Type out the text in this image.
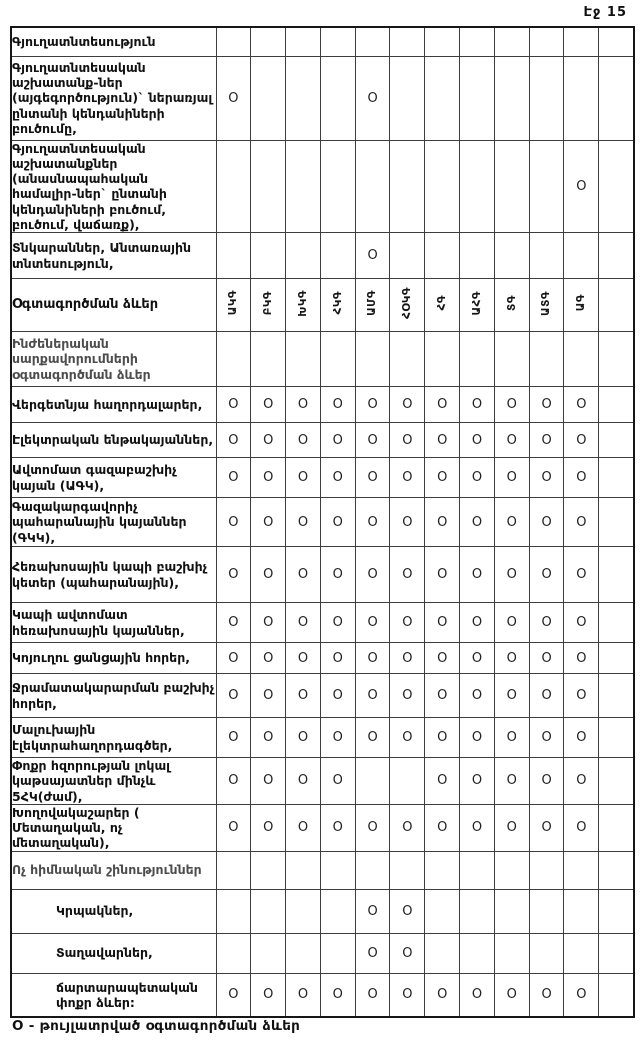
Էջ 15
Գյուղատնտեսություն												
Գյուղատնտեսական աշխատանք-ներ (այգեգործություն)` ներառյալ ընտանի կենդանիների բուծումը,	O				O							
Գյուղատնտեսական աշխատանքներ (անասնապահական համալիր-ներ` ընտանի կենդանիների բուծում, բուծում, վաճառք),											O	
Տնկարաններ, Անտառային տնտեսություն,					O							
Օգտագործման ձևեր	ԱԿԳ	ԲԿԳ	ԽԿԳ	ՀԿԳ	ԱՄԳ	ՀՕԿԳ	ՀԳ	ԱՀԳ	ՏԳ	ԱՏԳ	ԱԳ	
Ինժեներական սարքավորումների օգտագործման ձևեր												
Վերգետնյա հաղորդալարեր,	O	O	O	O	O	O	O	O	O	O	O	
Էլեկտրական ենթակայաններ,	O	O	O	O	O	O	O	O	O	O	O	
Ավտոմատ գազաբաշխիչ կայան (ԱԳԿ),	O	O	O	O	O	O	O	O	O	O	O	
Գազակարգավորիչ պահարանային կայաններ (ԳԿԿ),	O	O	O	O	O	O	O	O	O	O	O	
Հեռախոսային կապի բաշխիչ կետեր (պահարանային),	O	O	O	O	O	O	O	O	O	O	O	
Կապի ավտոմատ հեռախոսային կայաններ,	O	O	O	O	O	O	O	O	O	O	O	
Կոյուղու ցանցային հորեր,	O	O	O	O	O	O	O	O	O	O	O	
Ջրամատակարարման բաշխիչ հորեր,	O	O	O	O	O	O	O	O	O	O	O	
Մալուխային էլեկտրահաղորդագծեր,	O	O	O	O	O	O	O	O	O	O	O	
Փոքր հզորության լոկալ կաթսայատներ մինչև 5ՀԿ(ժամ),	O	O	O	O			O	O	O	O	O	
Խողովակաշարեր ( Մետաղական, ոչ մետաղական),	O	O	O	O	O	O	O	O	O	O	O	
Ոչ հիմնական շինություններ												
Կրպակներ,					O	O						
Տաղավարներ,					O	O						
ճարտարապետական փոքր ձևեր:	O	O	O	O	O	O	O	O	O	O	O	
O - թույլատրված օգտագործման ձևեր
